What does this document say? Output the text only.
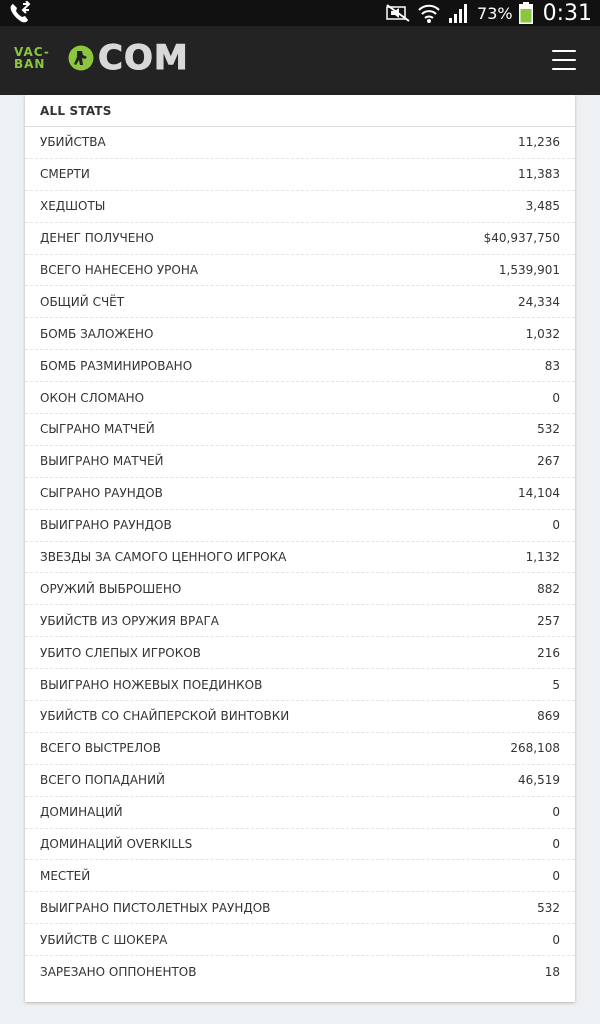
73% 0:31
VAC-
BAN	COM
ALL STATS
УБИЙСТВА	11,236
СМЕРТИ	11,383
ХЕДШОТЫ	3,485
ДЕНЕГ ПОЛУЧЕНО	$40,937,750
ВСЕГО НАНЕСЕНО УРОНА	1,539,901
ОБЩИЙ СЧЁТ	24,334
БОМБ ЗАЛОЖЕНО	1,032
БОМБ РАЗМИНИРОВАНО	83
ОКОН СЛОМАНО	0
СЫГРАНО МАТЧЕЙ	532
ВЫИГРАНО МАТЧЕЙ	267
СЫГРАНО РАУНДОВ	14,104
ВЫИГРАНО РАУНДОВ	0
ЗВЕЗДЫ ЗА САМОГО ЦЕННОГО ИГРОКА	1,132
ОРУЖИЙ ВЫБРОШЕНО	882
УБИЙСТВ ИЗ ОРУЖИЯ ВРАГА	257
УБИТО СЛЕПЫХ ИГРОКОВ	216
ВЫИГРАНО НОЖЕВЫХ ПОЕДИНКОВ	5
УБИЙСТВ СО СНАЙПЕРСКОЙ ВИНТОВКИ	869
ВСЕГО ВЫСТРЕЛОВ	268,108
ВСЕГО ПОПАДАНИЙ	46,519
ДОМИНАЦИЙ	0
ДОМИНАЦИЙ OVERKILLS	0
МЕСТЕЙ	0
ВЫИГРАНО ПИСТОЛЕТНЫХ РАУНДОВ	532
УБИЙСТВ С ШОКЕРА	0
ЗАРЕЗАНО ОППОНЕНТОВ	18
